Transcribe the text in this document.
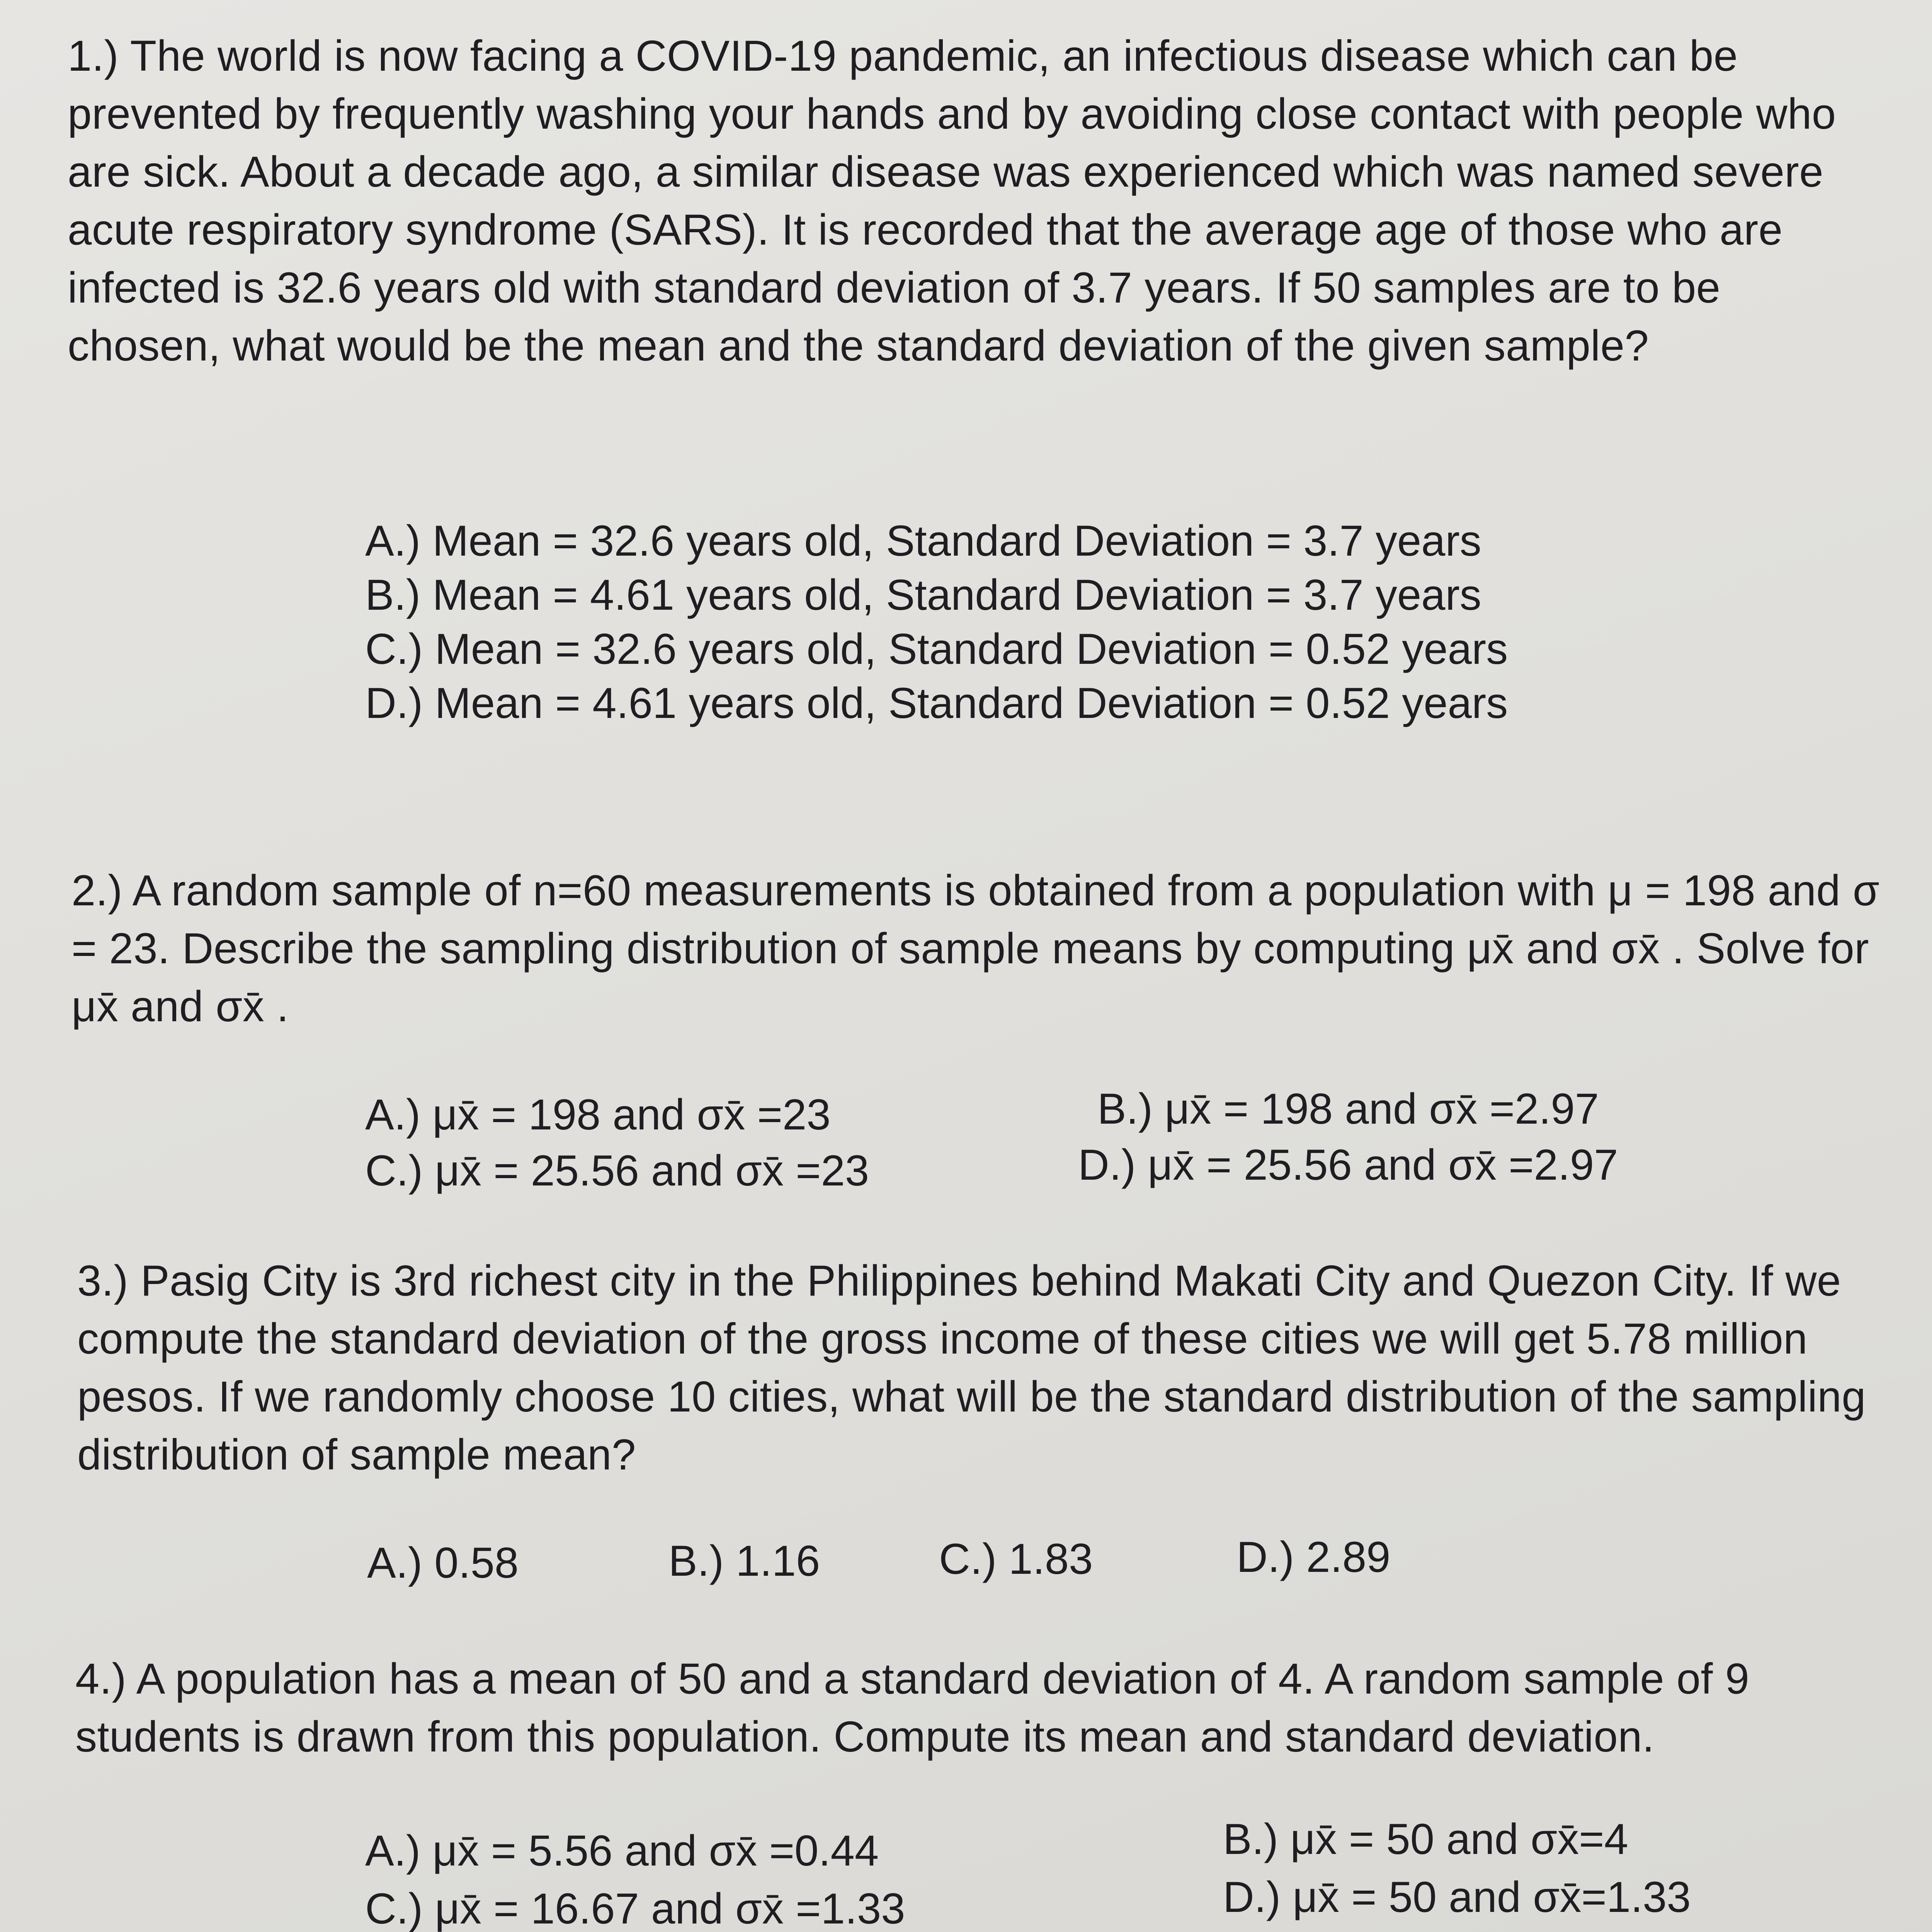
1.) The world is now facing a COVID-19 pandemic, an infectious disease which can be prevented by frequently washing your hands and by avoiding close contact with people who are sick. About a decade ago, a similar disease was experienced which was named severe acute respiratory syndrome (SARS). It is recorded that the average age of those who are infected is 32.6 years old with standard deviation of 3.7 years. If 50 samples are to be chosen, what would be the mean and the standard deviation of the given sample?

A.) Mean = 32.6 years old, Standard Deviation = 3.7 years
B.) Mean = 4.61 years old, Standard Deviation = 3.7 years
C.) Mean = 32.6 years old, Standard Deviation = 0.52 years
D.) Mean = 4.61 years old, Standard Deviation = 0.52 years

2.) A random sample of n=60 measurements is obtained from a population with μ = 198 and σ = 23. Describe the sampling distribution of sample means by computing μx̄ and σx̄ . Solve for μx̄ and σx̄ .

A.) μx̄ = 198 and σx̄ =23	B.) μx̄ = 198 and σx̄ =2.97
C.) μx̄ = 25.56 and σx̄ =23	D.) μx̄ = 25.56 and σx̄ =2.97

3.) Pasig City is 3rd richest city in the Philippines behind Makati City and Quezon City. If we compute the standard deviation of the gross income of these cities we will get 5.78 million pesos. If we randomly choose 10 cities, what will be the standard distribution of the sampling distribution of sample mean?

A.) 0.58	B.) 1.16	C.) 1.83	D.) 2.89

4.) A population has a mean of 50 and a standard deviation of 4. A random sample of 9 students is drawn from this population. Compute its mean and standard deviation.

A.) μx̄ = 5.56 and σx̄ =0.44	B.) μx̄ = 50 and σx̄=4
C.) μx̄ = 16.67 and σx̄ =1.33	D.) μx̄ = 50 and σx̄=1.33
